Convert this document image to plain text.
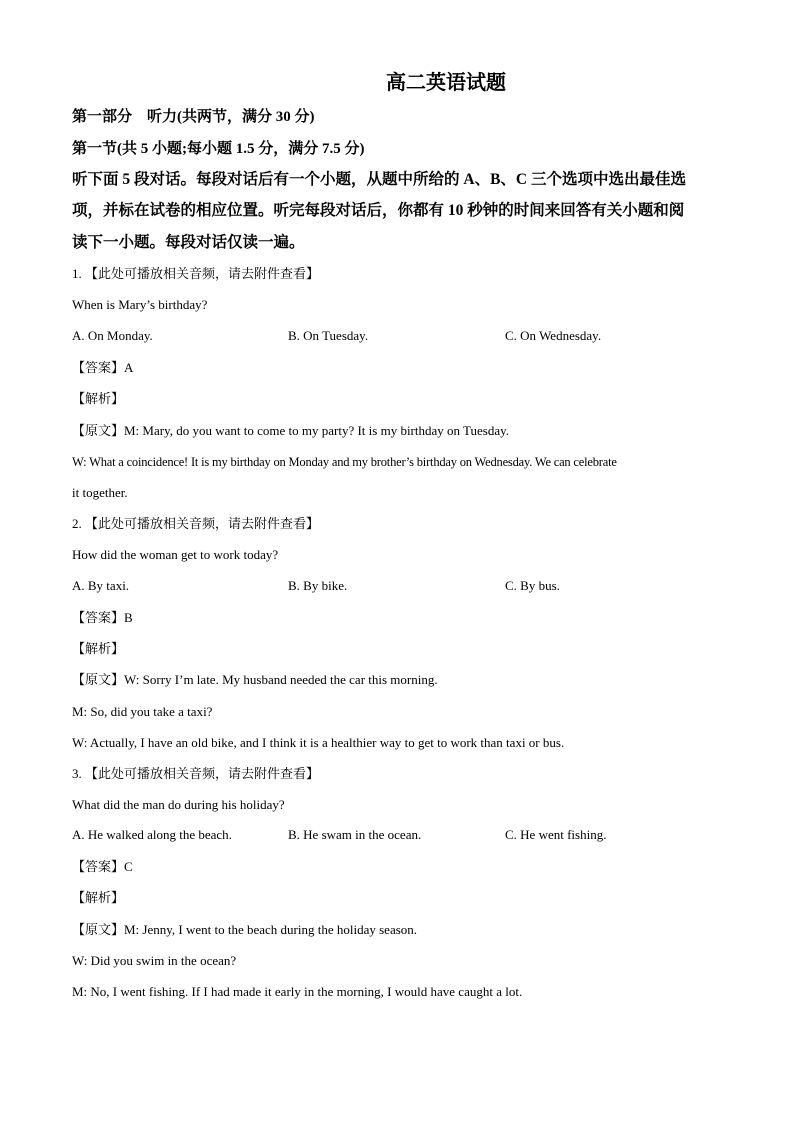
高二英语试题
第一部分　听力(共两节，满分 30 分)
第一节(共 5 小题;每小题 1.5 分，满分 7.5 分)
听下面 5 段对话。每段对话后有一个小题，从题中所给的 A、B、C 三个选项中选出最佳选
项，并标在试卷的相应位置。听完每段对话后，你都有 10 秒钟的时间来回答有关小题和阅
读下一小题。每段对话仅读一遍。
1. 【此处可播放相关音频，请去附件查看】
When is Mary’s birthday?
A. On Monday.	B. On Tuesday.	C. On Wednesday.
【答案】A
【解析】
【原文】M: Mary, do you want to come to my party? It is my birthday on Tuesday.
W: What a coincidence! It is my birthday on Monday and my brother’s birthday on Wednesday. We can celebrate
it together.
2. 【此处可播放相关音频，请去附件查看】
How did the woman get to work today?
A. By taxi.	B. By bike.	C. By bus.
【答案】B
【解析】
【原文】W: Sorry I’m late. My husband needed the car this morning.
M: So, did you take a taxi?
W: Actually, I have an old bike, and I think it is a healthier way to get to work than taxi or bus.
3. 【此处可播放相关音频，请去附件查看】
What did the man do during his holiday?
A. He walked along the beach.	B. He swam in the ocean.	C. He went fishing.
【答案】C
【解析】
【原文】M: Jenny, I went to the beach during the holiday season.
W: Did you swim in the ocean?
M: No, I went fishing. If I had made it early in the morning, I would have caught a lot.
